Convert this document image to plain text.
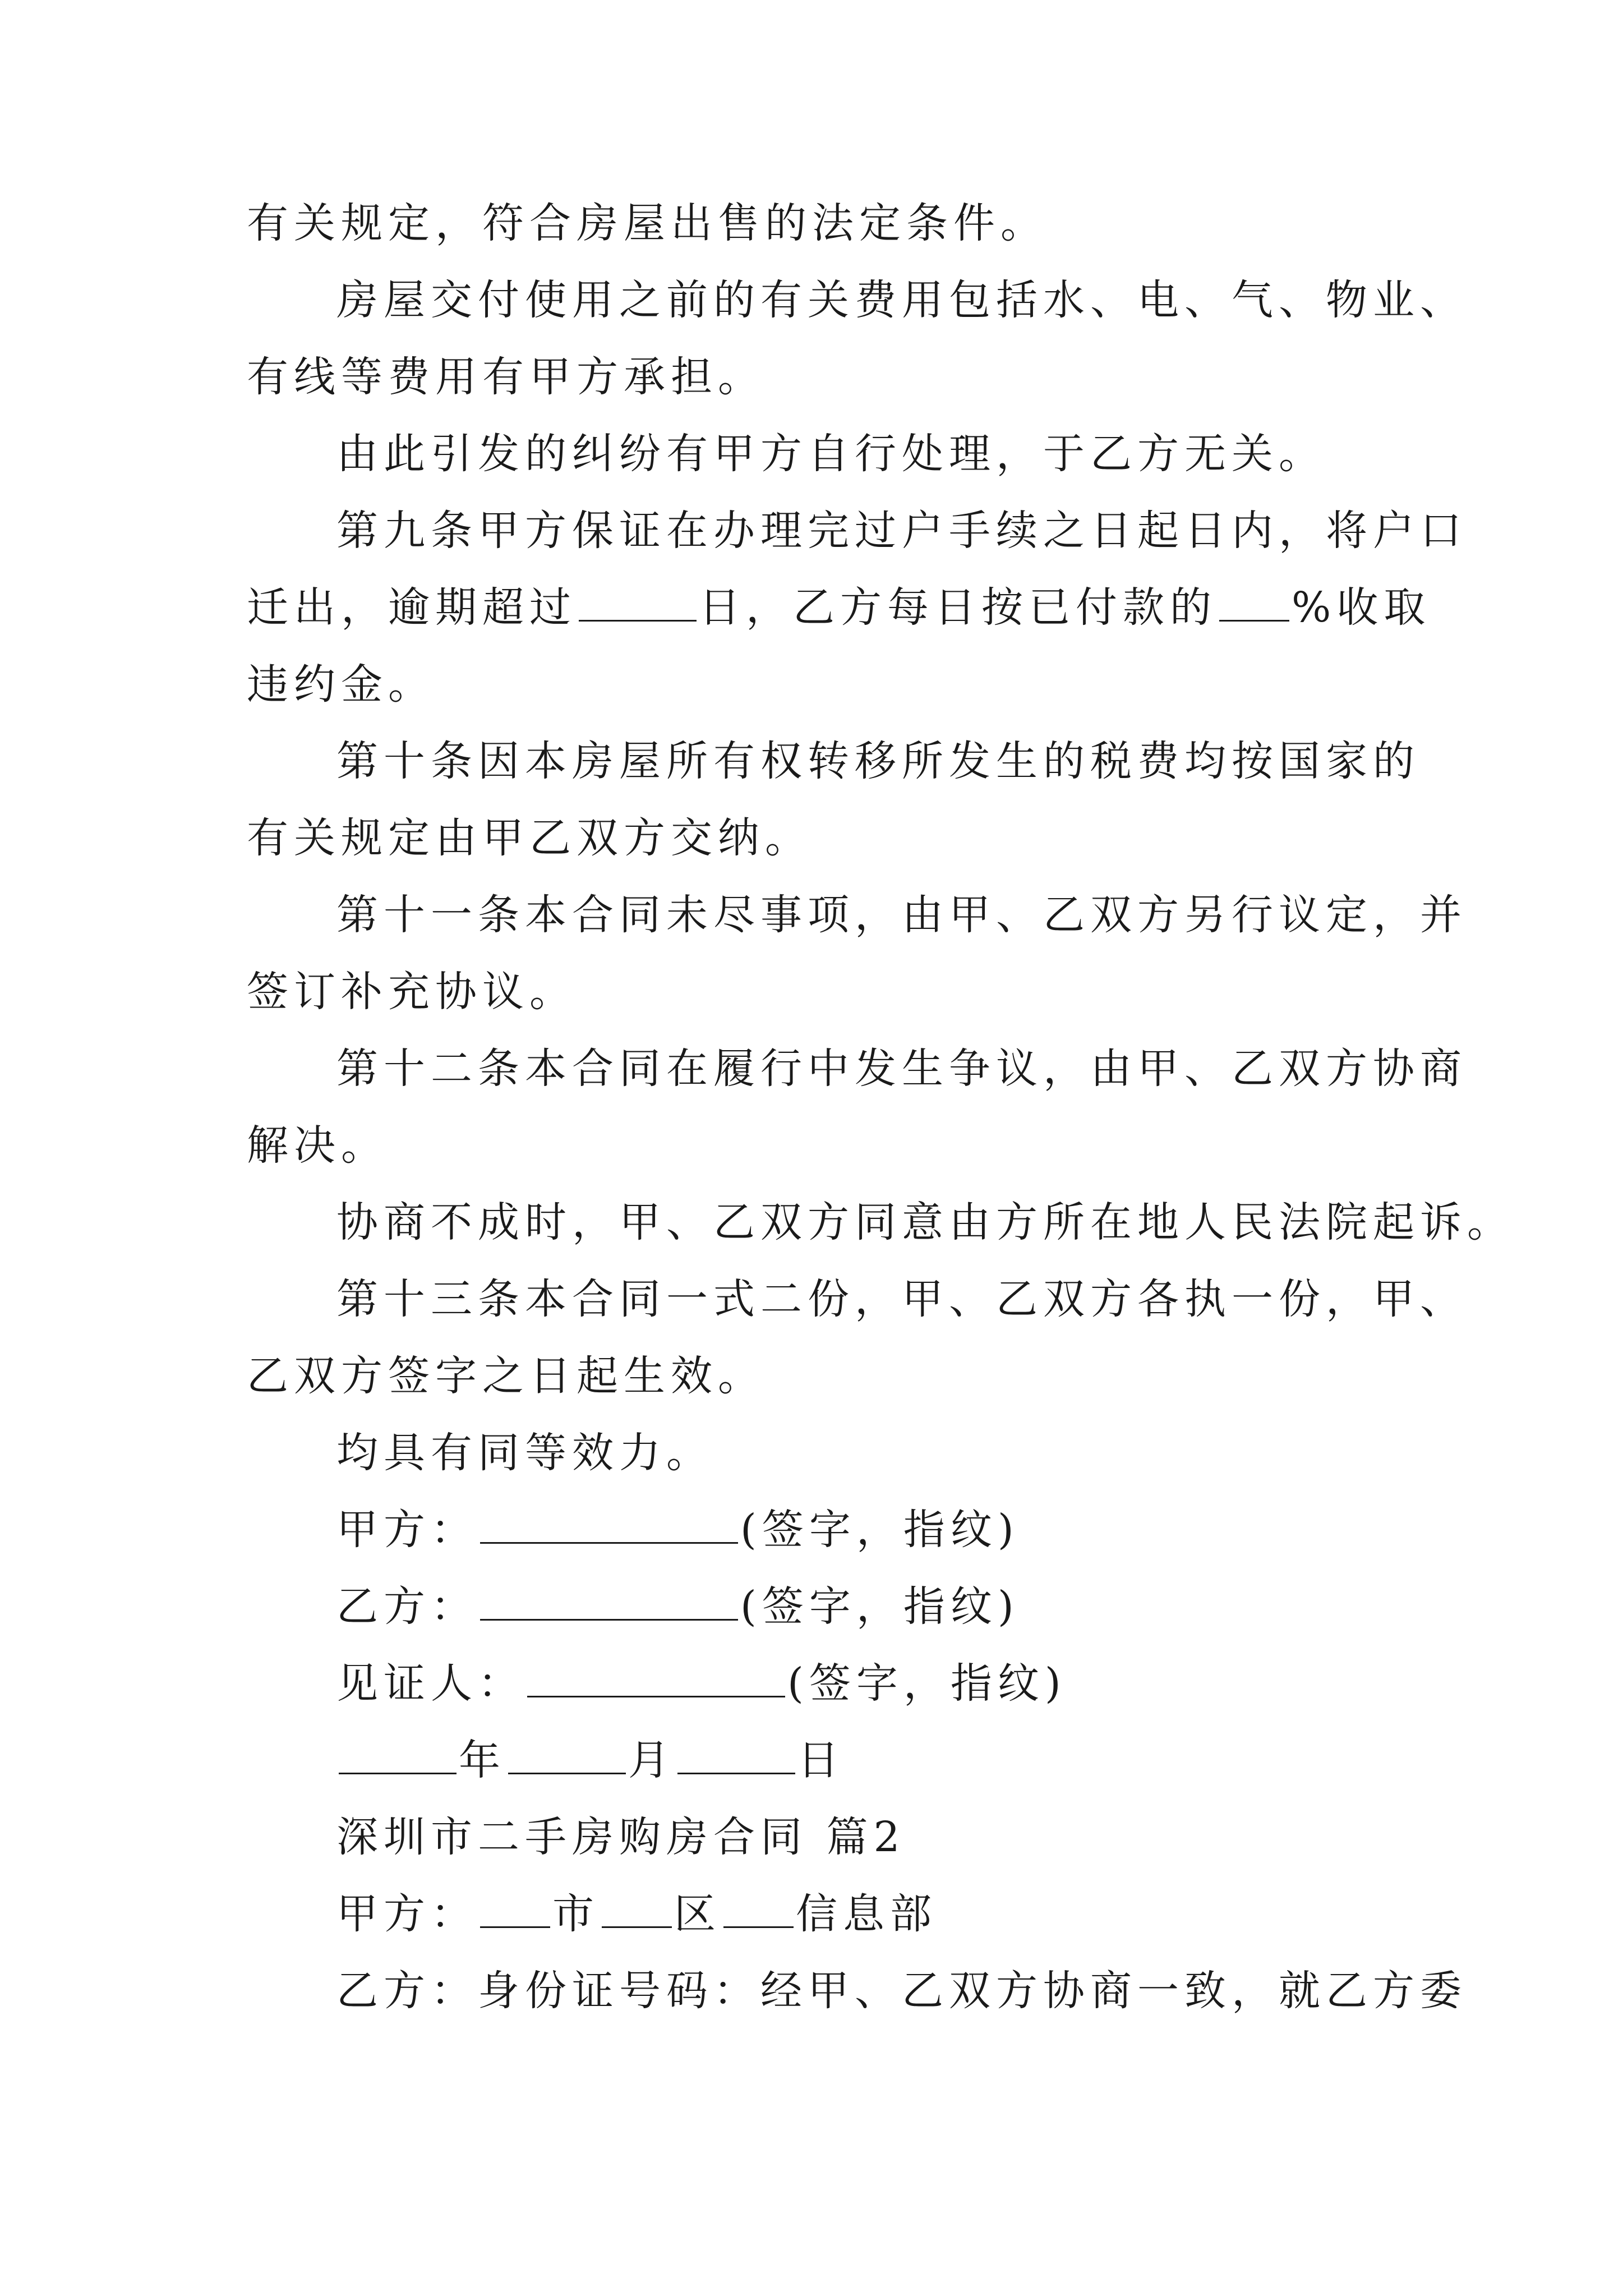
有关规定，符合房屋出售的法定条件。
房屋交付使用之前的有关费用包括水、电、气、物业、
有线等费用有甲方承担。
由此引发的纠纷有甲方自行处理，于乙方无关。
第九条甲方保证在办理完过户手续之日起日内，将户口
迁出，逾期超过	日，乙方每日按已付款的 %收取
违约金。
第十条因本房屋所有权转移所发生的税费均按国家的
有关规定由甲乙双方交纳。
第十一条本合同未尽事项，由甲、乙双方另行议定，并
签订补充协议。
第十二条本合同在履行中发生争议，由甲、乙双方协商
解决。
协商不成时，甲、乙双方同意由方所在地人民法院起诉。
第十三条本合同一式二份，甲、乙双方各执一份，甲、
乙双方签字之日起生效。
均具有同等效力。
甲方：	(签字，指纹)
乙方：	(签字，指纹)
见证人：	(签字，指纹)
年	月	日
深圳市二手房购房合同 篇2
甲方： 市 区 信息部
乙方：身份证号码：经甲、乙双方协商一致，就乙方委
